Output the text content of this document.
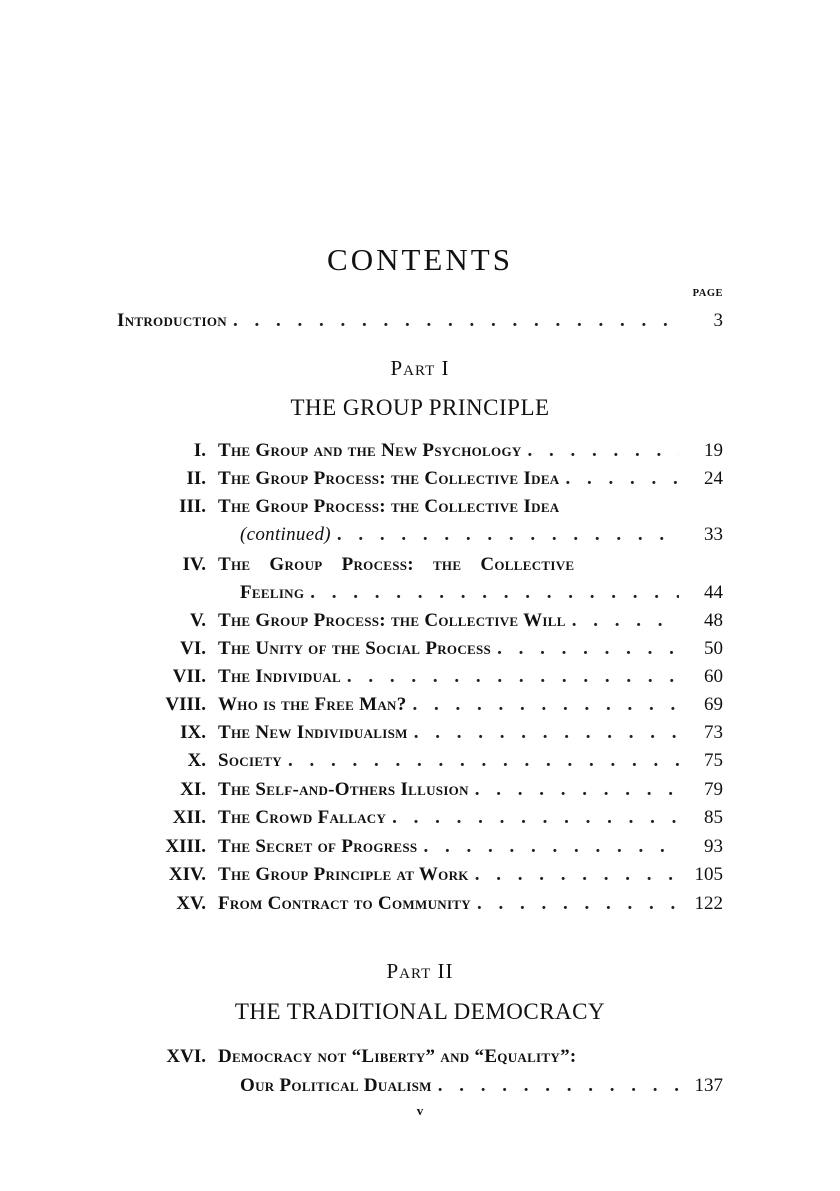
CONTENTS
PAGE
Introduction . . .	3
Part I
THE GROUP PRINCIPLE
I. The Group and the New Psychology . . .	19
II. The Group Process: the Collective Idea . . .	24
III. The Group Process: the Collective Idea
(continued) . . .	33
IV. The Group Process: the Collective
Feeling . . .	44
V. The Group Process: the Collective Will . . .	48
VI. The Unity of the Social Process . . .	50
VII. The Individual . . .	60
VIII. Who is the Free Man? . . .	69
IX. The New Individualism . . .	73
X. Society . . .	75
XI. The Self-and-Others Illusion . . .	79
XII. The Crowd Fallacy . . .	85
XIII. The Secret of Progress . . .	93
XIV. The Group Principle at Work . . .	105
XV. From Contract to Community . . .	122
Part II
THE TRADITIONAL DEMOCRACY
XVI. Democracy not “Liberty” and “Equality”:
Our Political Dualism . . .	137
v
